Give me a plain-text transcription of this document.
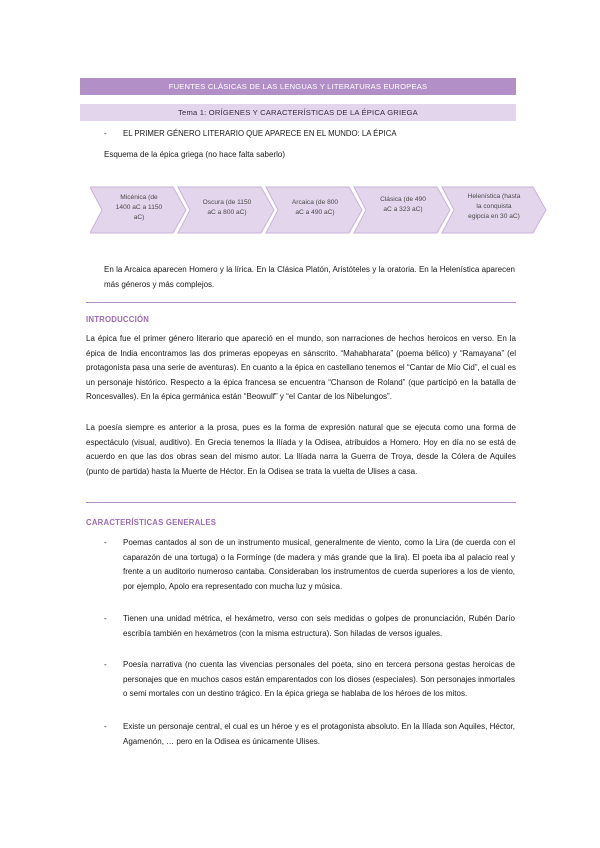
FUENTES CLÁSICAS DE LAS LENGUAS Y LITERATURAS EUROPEAS
Tema 1: ORÍGENES Y CARACTERÍSTICAS DE LA ÉPICA GRIEGA
- EL PRIMER GÉNERO LITERARIO QUE APARECE EN EL MUNDO: LA ÉPICA
Esquema de la épica griega (no hace falta saberlo)
Micénica (de
1400 aC a 1150
aC)
Oscura (de 1150
aC a 800 aC)
Arcaica (de 800
aC a 490 aC)
Clásica (de 490
aC a 323 aC)
Helenística (hasta
la conquista
egipcia en 30 aC)
En la Arcaica aparecen Homero y la lírica. En la Clásica Platón, Aristóteles y la oratoria. En la Helenística aparecen más géneros y más complejos.
INTRODUCCIÓN
La épica fue el primer género literario que apareció en el mundo, son narraciones de hechos heroicos en verso. En la épica de India encontramos las dos primeras epopeyas en sánscrito. “Mahabharata” (poema bélico) y “Ramayana” (el protagonista pasa una serie de aventuras). En cuanto a la épica en castellano tenemos el “Cantar de Mío Cid”, el cual es un personaje histórico. Respecto a la épica francesa se encuentra “Chanson de Roland” (que participó en la batalla de Roncesvalles). En la épica germánica están “Beowulf” y “el Cantar de los Nibelungos”.
La poesía siempre es anterior a la prosa, pues es la forma de expresión natural que se ejecuta como una forma de espectáculo (visual, auditivo). En Grecia tenemos la Ilíada y la Odisea, atribuidos a Homero. Hoy en día no se está de acuerdo en que las dos obras sean del mismo autor. La Ilíada narra la Guerra de Troya, desde la Cólera de Aquiles (punto de partida) hasta la Muerte de Héctor. En la Odisea se trata la vuelta de Ulises a casa.
CARACTERÍSTICAS GENERALES
- Poemas cantados al son de un instrumento musical, generalmente de viento, como la Lira (de cuerda con el caparazón de una tortuga) o la Formínge (de madera y más grande que la lira). El poeta iba al palacio real y frente a un auditorio numeroso cantaba. Consideraban los instrumentos de cuerda superiores a los de viento, por ejemplo, Apolo era representado con mucha luz y música.
- Tienen una unidad métrica, el hexámetro, verso con seis medidas o golpes de pronunciación, Rubén Darío escribía también en hexámetros (con la misma estructura). Son hiladas de versos iguales.
- Poesía narrativa (no cuenta las vivencias personales del poeta, sino en tercera persona gestas heroicas de personajes que en muchos casos están emparentados con los dioses (especiales). Son personajes inmortales o semi mortales con un destino trágico. En la épica griega se hablaba de los héroes de los mitos.
- Existe un personaje central, el cual es un héroe y es el protagonista absoluto. En la Ilíada son Aquiles, Héctor, Agamenón, … pero en la Odisea es únicamente Ulises.
